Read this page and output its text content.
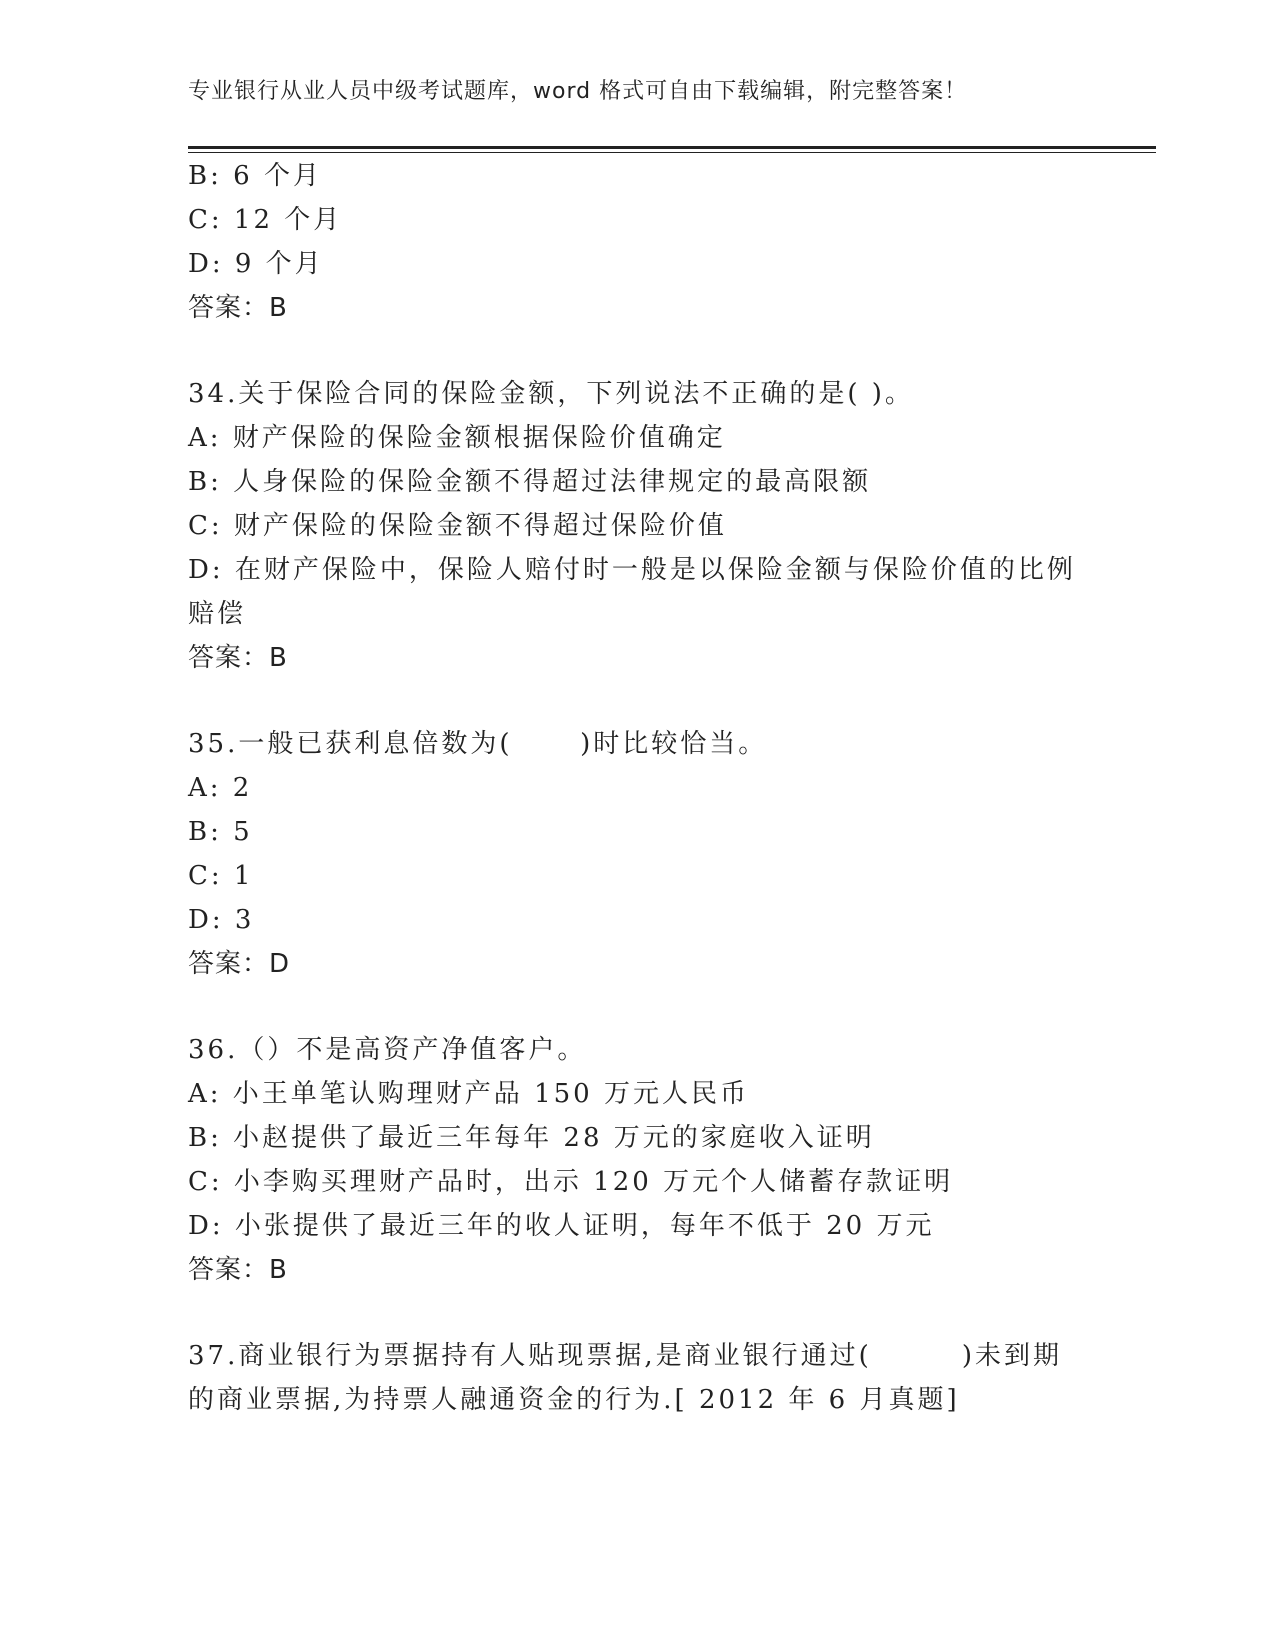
专业银行从业人员中级考试题库，word 格式可自由下载编辑，附完整答案！
B: 6 个月
C: 12 个月
D: 9 个月
答案：B
34.关于保险合同的保险金额，下列说法不正确的是( )。
A: 财产保险的保险金额根据保险价值确定
B: 人身保险的保险金额不得超过法律规定的最高限额
C: 财产保险的保险金额不得超过保险价值
D: 在财产保险中，保险人赔付时一般是以保险金额与保险价值的比例
赔偿
答案：B
35.一般已获利息倍数为(      )时比较恰当。
A: 2
B: 5
C: 1
D: 3
答案：D
36.（）不是高资产净值客户。
A: 小王单笔认购理财产品 150 万元人民币
B: 小赵提供了最近三年每年 28 万元的家庭收入证明
C: 小李购买理财产品时，出示 120 万元个人储蓄存款证明
D: 小张提供了最近三年的收人证明，每年不低于 20 万元
答案：B
37.商业银行为票据持有人贴现票据,是商业银行通过(        )未到期
的商业票据,为持票人融通资金的行为.[ 2012 年 6 月真题]
